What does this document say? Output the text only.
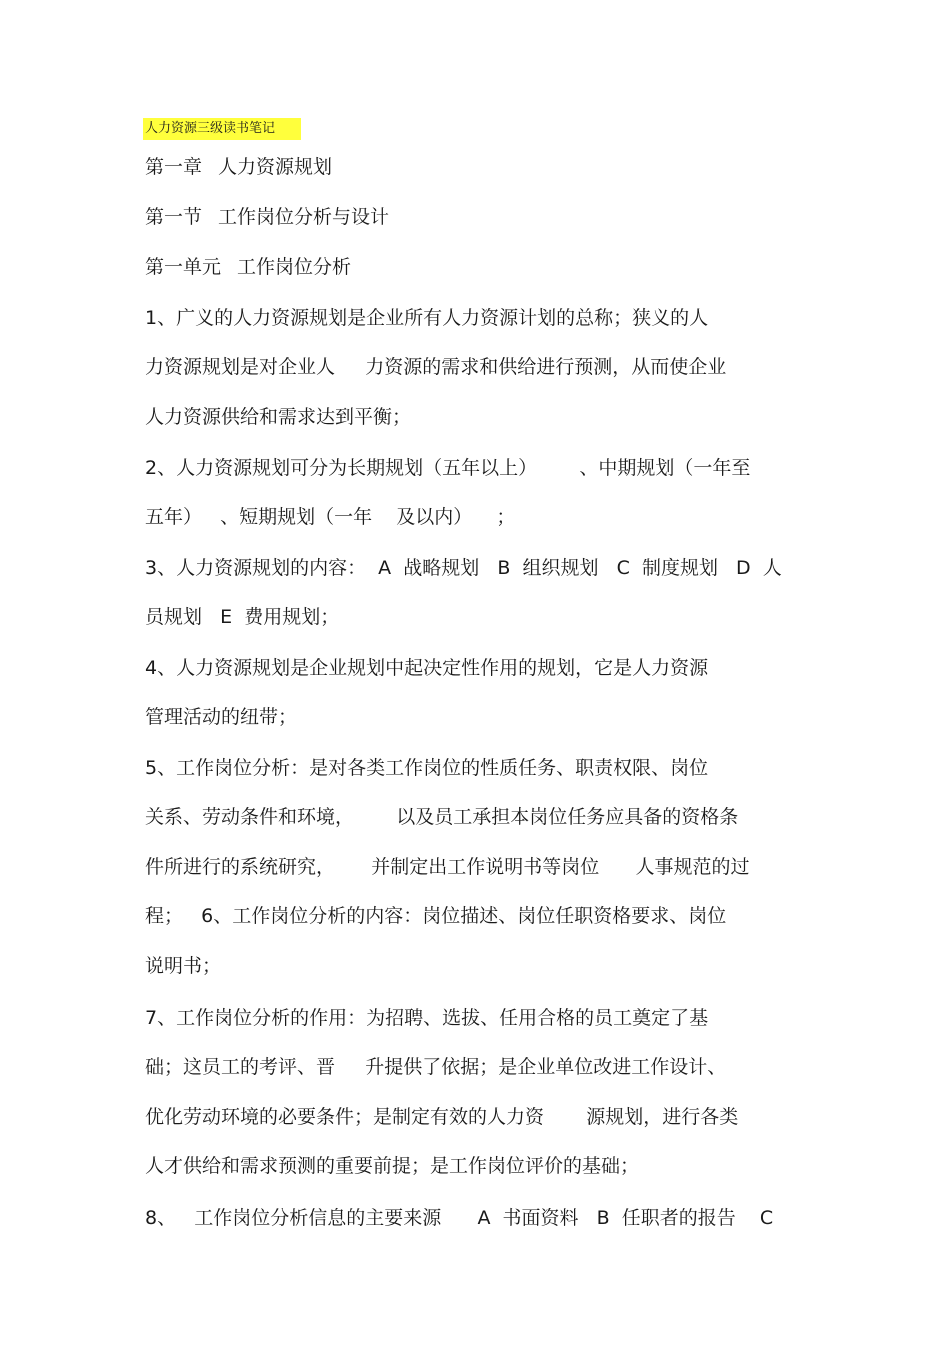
人力资源三级读书笔记
第一章 人力资源规划
第一节 工作岗位分析与设计
第一单元 工作岗位分析
1、广义的人力资源规划是企业所有人力资源计划的总称；狭义的人
力资源规划是对企业人     力资源的需求和供给进行预测，从而使企业
人力资源供给和需求达到平衡；
2、人力资源规划可分为长期规划（五年以上）       、中期规划（一年至
五年）   、短期规划（一年    及以内）    ；
3、人力资源规划的内容：  A  战略规划   B  组织规划   C  制度规划   D  人
员规划   E  费用规划；
4、人力资源规划是企业规划中起决定性作用的规划，它是人力资源
管理活动的纽带；
5、工作岗位分析：是对各类工作岗位的性质任务、职责权限、岗位
关系、劳动条件和环境，       以及员工承担本岗位任务应具备的资格条
件所进行的系统研究，      并制定出工作说明书等岗位      人事规范的过
程；   6、工作岗位分析的内容：岗位描述、岗位任职资格要求、岗位
说明书；
7、工作岗位分析的作用：为招聘、选拔、任用合格的员工奠定了基
础；这员工的考评、晋     升提供了依据；是企业单位改进工作设计、
优化劳动环境的必要条件；是制定有效的人力资       源规划，进行各类
人才供给和需求预测的重要前提；是工作岗位评价的基础；
8、   工作岗位分析信息的主要来源      A  书面资料   B  任职者的报告    C
